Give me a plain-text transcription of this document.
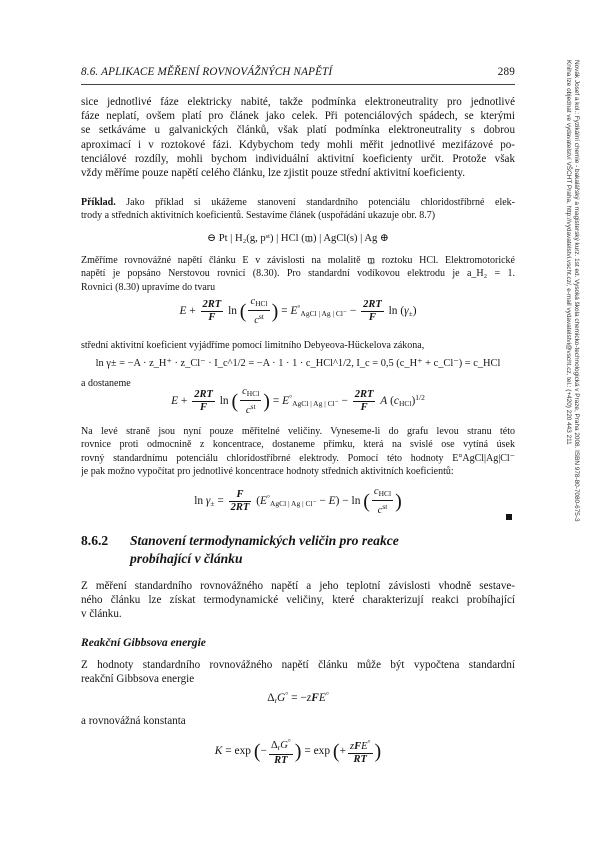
8.6. APLIKACE MĚŘENÍ ROVNOVÁŽNÝCH NAPĚTÍ	289
sice jednotlivé fáze elektricky nabité, takže podmínka elektroneutrality pro jednotlivé
fáze neplatí, ovšem platí pro článek jako celek. Při potenciálových spádech, se kterými
se setkáváme u galvanických článků, však platí podmínka elektroneutrality s dobrou
aproximací i v roztokové fázi. Kdybychom tedy mohli měřit jednotlivé mezifázové po-
tenciálové rozdíly, mohli bychom individuální aktivitní koeficienty určit. Protože však
vždy měříme pouze napětí celého článku, lze zjistit pouze střední aktivitní koeficienty.
Příklad. Jako příklad si ukážeme stanovení standardního potenciálu chloridostříbrné elek-
trody a středních aktivitních koeficientů. Sestavíme článek (uspořádání ukazuje obr. 8.7)
⊖ Pt | H₂(g, pˢᵗ) | HCl (m̲) | AgCl(s) | Ag ⊕
Změříme rovnovážné napětí článku E v závislosti na molalitě m̲ roztoku HCl. Elektromotorické
napětí je popsáno Nerstovou rovnicí (8.30). Pro standardní vodíkovou elektrodu je a_H₂ = 1.
Rovnici (8.30) upravíme do tvaru
$E + \frac{2RT}{F}$ ln ( $\frac{c_{HCl}}{c^{st}}$ ) = $E^\circ_{AgCl | Ag | Cl^-} - \frac{2RT}{F}$ $\ln (\gamma_\pm)$
střední aktivitní koeficient vyjádříme pomocí limitního Debyeova-Hückelova zákona,
ln γ± = −A · z_H⁺ · z_Cl⁻ · I_c^1/2 = −A · 1 · 1 · c_HCl^1/2, I_c = 0,5 (c_H⁺ + c_Cl⁻) = c_HCl
a dostaneme
$E + \frac{2RT}{F}$ ln ( $\frac{c_{HCl}}{c^{st}}$ ) = $E^\circ_{AgCl | Ag | Cl^-} - \frac{2RT}{F}$ A $(c_{HCl})^{1/2}$
Na levé straně jsou nyní pouze měřitelné veličiny. Vyneseme-li do grafu levou stranu této
rovnice proti odmocnině z koncentrace, dostaneme přímku, která na svislé ose vytíná úsek
rovný standardnímu potenciálu chloridostříbrné elektrody. Pomocí této hodnoty E°AgCl|Ag|Cl⁻
je pak možno vypočítat pro jednotlivé koncentrace hodnoty středních aktivitních koeficientů:
$\ln \gamma_\pm = \frac{F}{2RT} (E^\circ_{AgCl | Ag | Cl^-} - E) - \ln$ ( $\frac{c_{HCl}}{c^{st}}$ )
8.6.2 Stanovení termodynamických veličin pro reakce
probíhající v článku
Z měření standardního rovnovážného napětí a jeho teplotní závislosti vhodně sestave-
ného článku lze získat termodynamické veličiny, které charakterizují reakci probíhající
v článku.
Reakční Gibbsova energie
Z hodnoty standardního rovnovážného napětí článku může být vypočtena standardní
reakční Gibbsova energie
$\Delta_rG^\circ = -zFE^\circ$
a rovnovážná konstanta
K = exp (− $\frac{\Delta_rG^\circ}{RT}$ ) = exp (+ $\frac{zFE^\circ}{RT}$ )
Novák Josef a kol.: Fyzikální chemie - bakalářský a magisterský kurz. 1st ed. Vysoká škola chemicko-technologická v Praze, Praha 2008. ISBN 978-80-7080-675-3
Kniha lze objednat ve vydavatelství VŠCHT Praha, http://vydavatelstvi.vscht.cz/, e-mail vydavatelstvi@vscht.cz, tel.: (+420) 220 443 211
